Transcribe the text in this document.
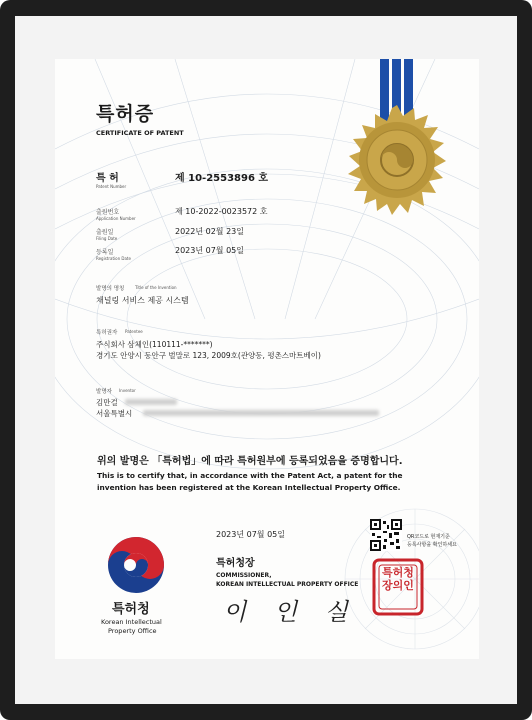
특허증
CERTIFICATE OF PATENT
특 허
Patent Number
제 10-2553896 호
출원번호
Application Number
제 10-2022-0023572 호
출원일
Filing Date
2022년 02월 23일
등록일
Registration Date
2023년 07월 05일
발명의 명칭	Title of the Invention
채널링 서비스 제공 시스템
특허권자 Patentee
주식회사 삼체인(110111-*******)
경기도 안양시 동안구 벌말로 123, 2009호(관양동, 평촌스마트베이)
발명자 Inventor
김만걸
서울특별시
위의 발명은 「특허법」에 따라 특허원부에 등록되었음을 증명합니다.
This is to certify that, in accordance with the Patent Act, a patent for the
invention has been registered at the Korean Intellectual Property Office.
2023년 07월 05일	QR코드로 현재기준
등록사항을 확인하세요
특허청
Korean Intellectual
Property Office
특허청장
COMMISSIONER,
KOREAN INTELLECTUAL PROPERTY OFFICE
이 인 실
특허청장의인
